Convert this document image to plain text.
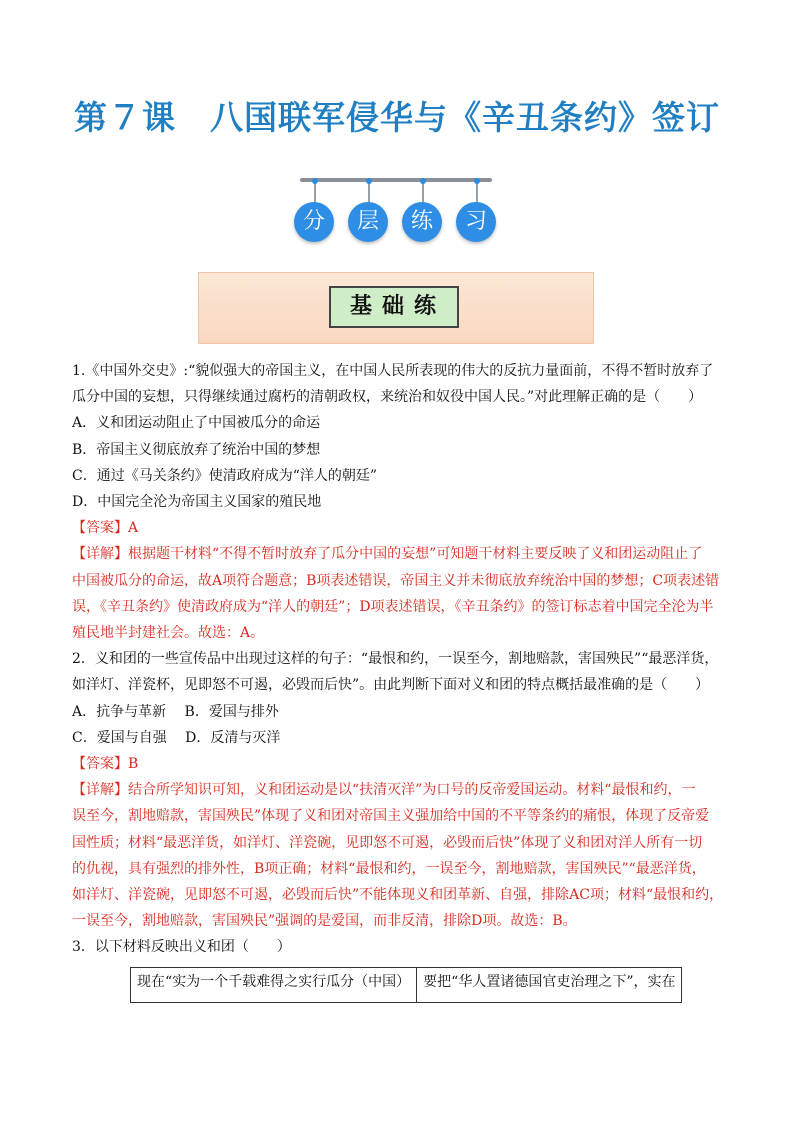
第７课　八国联军侵华与《辛丑条约》签订
分	层	练	习
基础练

1.《中国外交史》:“貌似强大的帝国主义，在中国人民所表现的伟大的反抗力量面前，不得不暂时放弃了

瓜分中国的妄想，只得继续通过腐朽的清朝政权，来统治和奴役中国人民。”对此理解正确的是（　　）

A．义和团运动阻止了中国被瓜分的命运

B．帝国主义彻底放弃了统治中国的梦想

C．通过《马关条约》使清政府成为“洋人的朝廷”

D．中国完全沦为帝国主义国家的殖民地

【答案】A

【详解】根据题干材料“不得不暂时放弃了瓜分中国的妄想”可知题干材料主要反映了义和团运动阻止了

中国被瓜分的命运，故A项符合题意；B项表述错误，帝国主义并未彻底放弃统治中国的梦想；C项表述错

误，《辛丑条约》使清政府成为“洋人的朝廷”；D项表述错误，《辛丑条约》的签订标志着中国完全沦为半

殖民地半封建社会。故选：A。

2．义和团的一些宣传品中出现过这样的句子：“最恨和约，一误至今，割地赔款，害国殃民”“最恶洋货，

如洋灯、洋瓷杯，见即怒不可遏，必毁而后快”。由此判断下面对义和团的特点概括最准确的是（　　）

A．抗争与革新　 B．爱国与排外

C．爱国与自强　 D．反清与灭洋

【答案】B

【详解】结合所学知识可知，义和团运动是以“扶清灭洋”为口号的反帝爱国运动。材料“最恨和约，一

误至今，割地赔款，害国殃民”体现了义和团对帝国主义强加给中国的不平等条约的痛恨，体现了反帝爱

国性质；材料“最恶洋货，如洋灯、洋瓷碗，见即怒不可遏，必毁而后快”体现了义和团对洋人所有一切

的仇视，具有强烈的排外性，B项正确；材料“最恨和约，一误至今，割地赔款，害国殃民”“最恶洋货，

如洋灯、洋瓷碗，见即怒不可遏，必毁而后快”不能体现义和团革新、自强，排除AC项；材料“最恨和约，

一误至今，割地赔款，害国殃民”强调的是爱国，而非反清，排除D项。故选：B。

3．以下材料反映出义和团（　　）

现在“实为一个千载难得之实行瓜分（中国）	要把“华人置诸德国官吏治理之下”，实在
